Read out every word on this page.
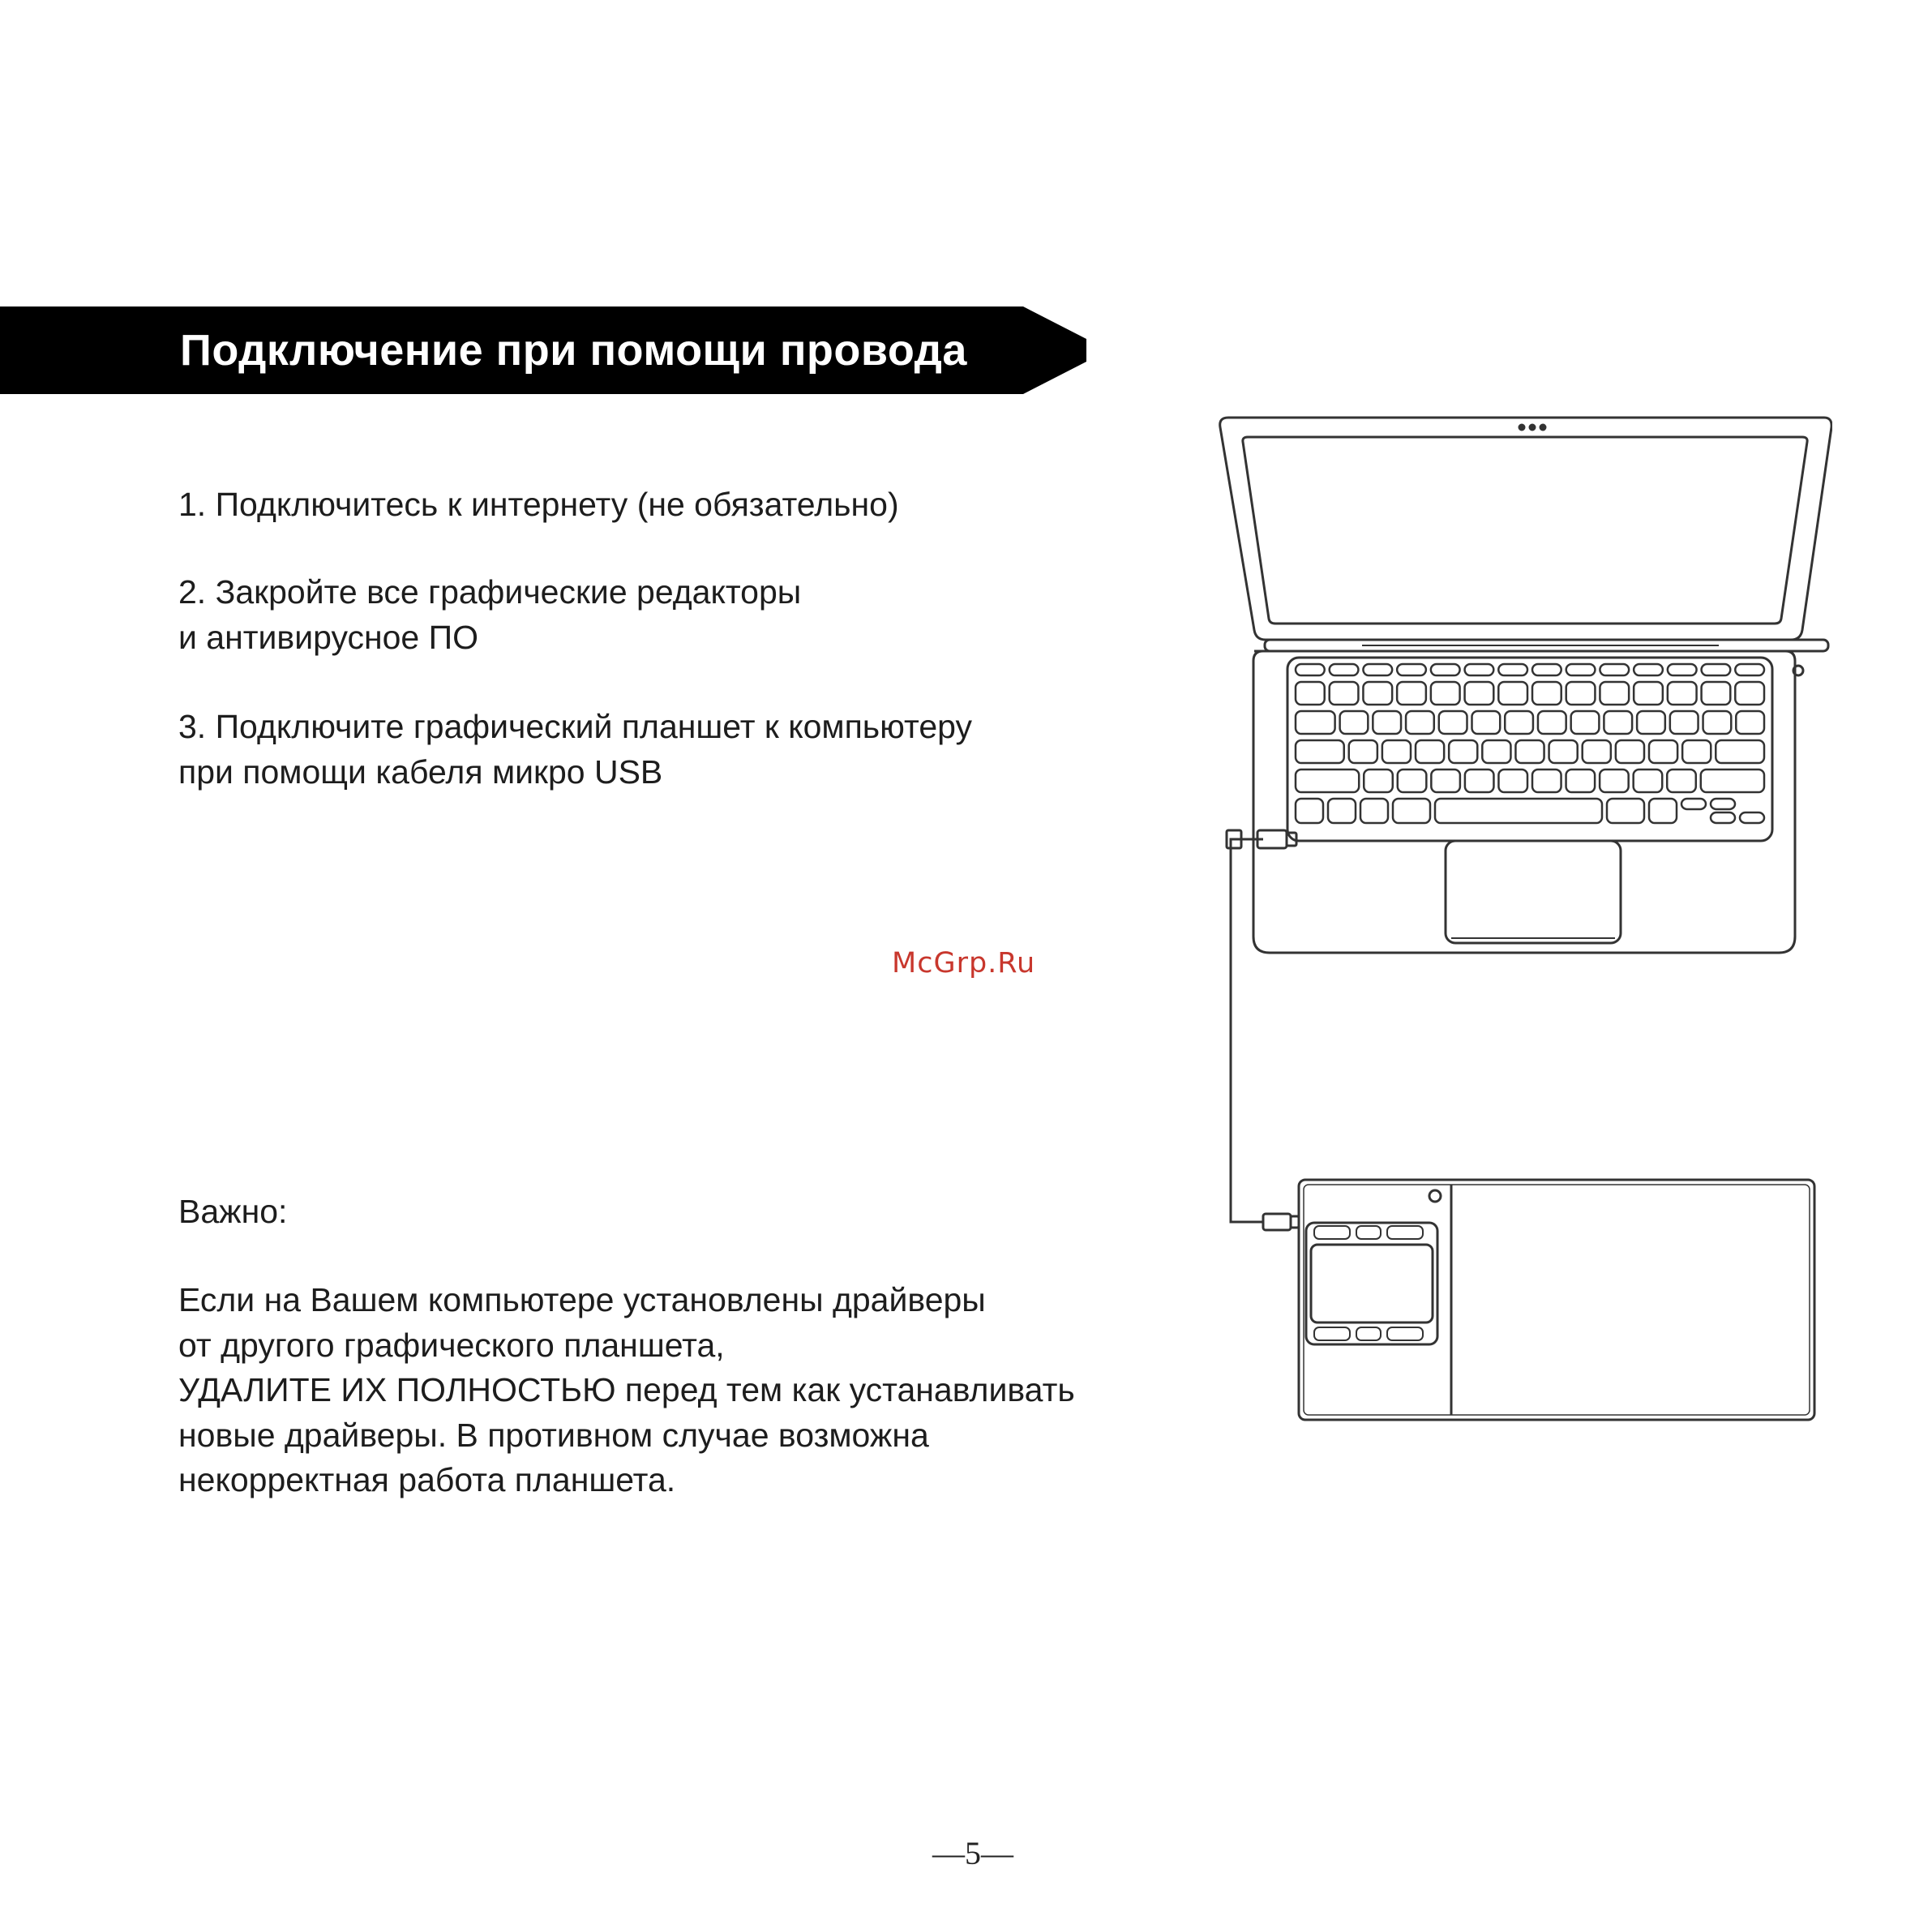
Подключение при помощи провода
1. Подключитесь к интернету (не обязательно)
2. Закройте все графические редакторы
и антивирусное ПО
3. Подключите графический планшет к компьютеру
при помощи кабеля микро USB
McGrp.Ru
Важно:
Если на Вашем компьютере установлены драйверы
от другого графического планшета,
УДАЛИТЕ ИХ ПОЛНОСТЬЮ перед тем как устанавливать
новые драйверы. В противном случае возможна
некорректная работа планшета.
—5—
